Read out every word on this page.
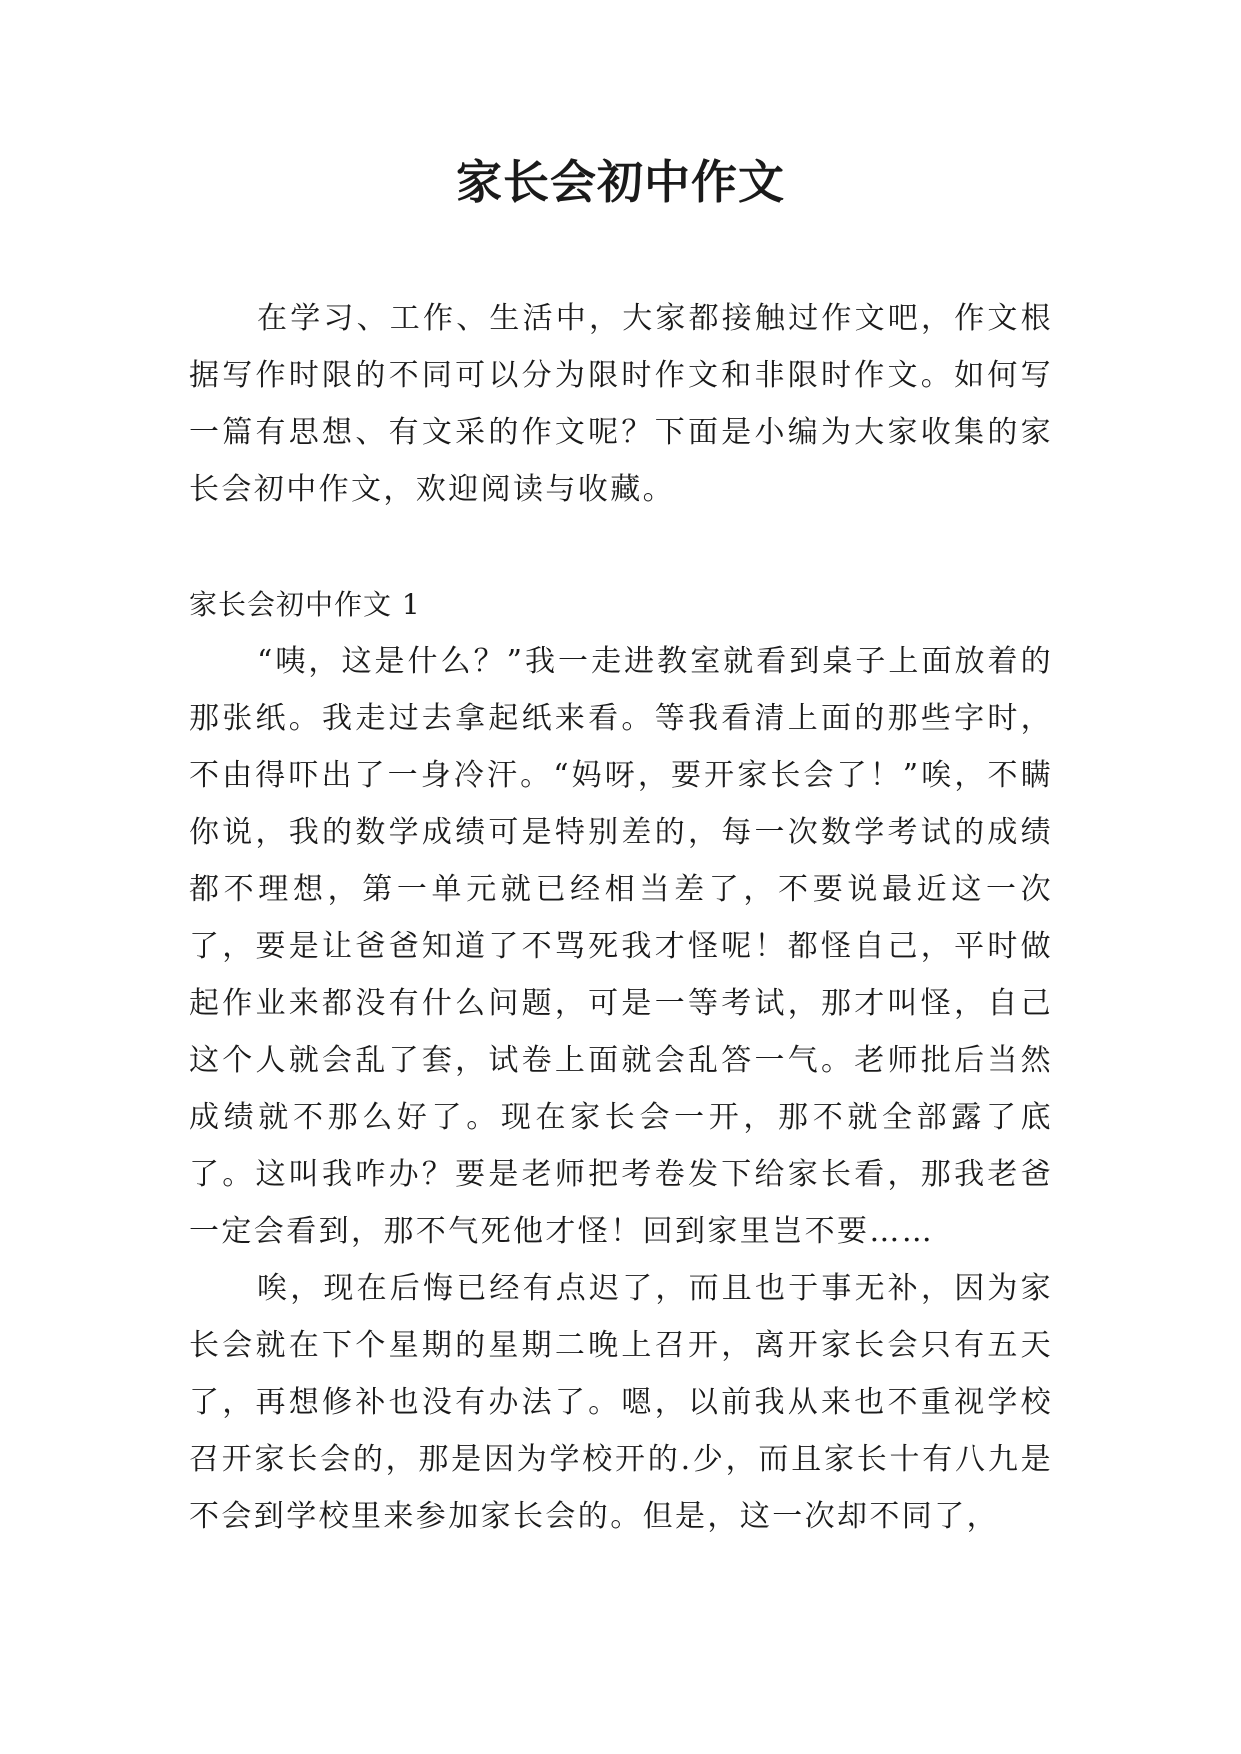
家长会初中作文

在学习、工作、生活中，大家都接触过作文吧，作文根据写作时限的不同可以分为限时作文和非限时作文。如何写一篇有思想、有文采的作文呢？下面是小编为大家收集的家长会初中作文，欢迎阅读与收藏。

家长会初中作文 1

“咦，这是什么？”我一走进教室就看到桌子上面放着的那张纸。我走过去拿起纸来看。等我看清上面的那些字时，不由得吓出了一身冷汗。“妈呀，要开家长会了！”唉，不瞒你说，我的数学成绩可是特别差的，每一次数学考试的成绩都不理想，第一单元就已经相当差了，不要说最近这一次了，要是让爸爸知道了不骂死我才怪呢！都怪自己，平时做起作业来都没有什么问题，可是一等考试，那才叫怪，自己这个人就会乱了套，试卷上面就会乱答一气。老师批后当然成绩就不那么好了。现在家长会一开，那不就全部露了底了。这叫我咋办？要是老师把考卷发下给家长看，那我老爸一定会看到，那不气死他才怪！回到家里岂不要……

唉，现在后悔已经有点迟了，而且也于事无补，因为家长会就在下个星期的星期二晚上召开，离开家长会只有五天了，再想修补也没有办法了。嗯，以前我从来也不重视学校召开家长会的，那是因为学校开的.少，而且家长十有八九是不会到学校里来参加家长会的。但是，这一次却不同了，
